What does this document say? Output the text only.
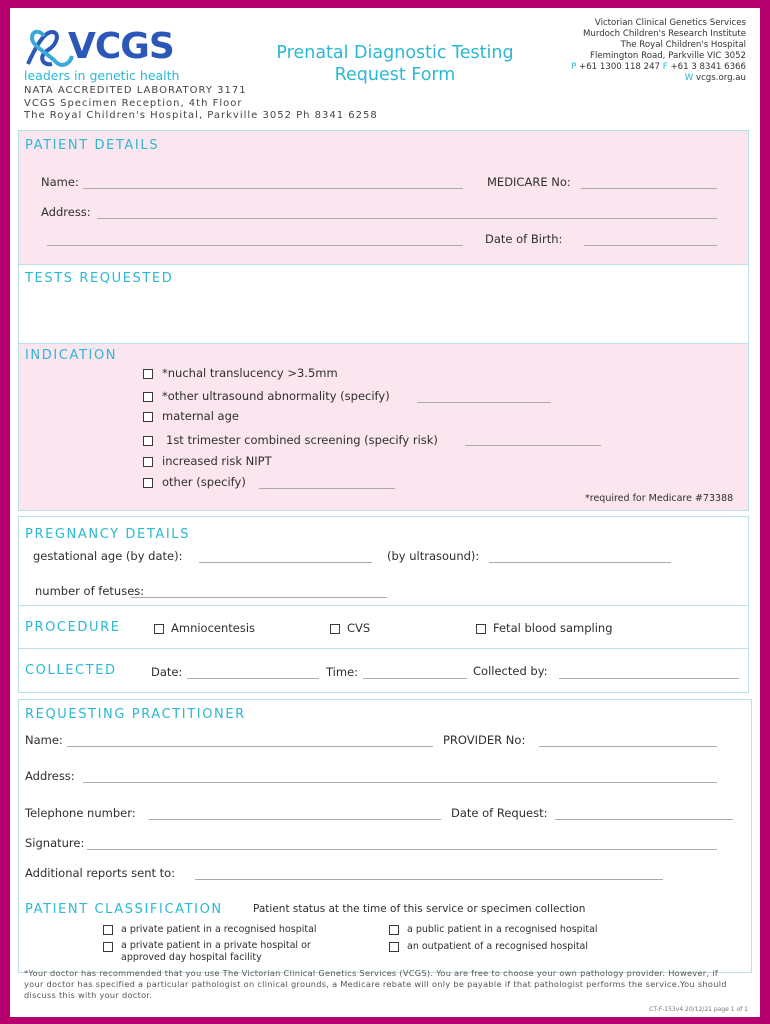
VCGS
leaders in genetic health
Prenatal Diagnostic Testing
Request Form
Victorian Clinical Genetics Services
Murdoch Children's Research Institute
The Royal Children's Hospital
Flemington Road, Parkville VIC 3052
P +61 1300 118 247 F +61 3 8341 6366
W vcgs.org.au
NATA ACCREDITED LABORATORY 3171
VCGS Specimen Reception, 4th Floor
The Royal Children's Hospital, Parkville 3052 Ph 8341 6258
PATIENT DETAILS
Name:	MEDICARE No:
Address:
Date of Birth:
TESTS REQUESTED
INDICATION
*nuchal translucency >3.5mm
*other ultrasound abnormality (specify)
maternal age
1st trimester combined screening (specify risk)
increased risk NIPT
other (specify)
*required for Medicare #73388
PREGNANCY DETAILS
gestational age (by date):	(by ultrasound):
number of fetuses:
PROCEDURE	Amniocentesis	CVS	Fetal blood sampling
COLLECTED	Date:	Time:	Collected by:
REQUESTING PRACTITIONER
Name:	PROVIDER No:
Address:
Telephone number:	Date of Request:
Signature:
Additional reports sent to:
PATIENT CLASSIFICATION	Patient status at the time of this service or specimen collection
a private patient in a recognised hospital
a private patient in a private hospital or
approved day hospital facility
a public patient in a recognised hospital
an outpatient of a recognised hospital
*Your doctor has recommended that you use The Victorian Clinical Genetics Services (VCGS). You are free to choose your own pathology provider. However, if
your doctor has specified a particular pathologist on clinical grounds, a Medicare rebate will only be payable if that pathologist performs the service.You should
discuss this with your doctor.
CT-F-153v4.20/12/21 page 1 of 1
